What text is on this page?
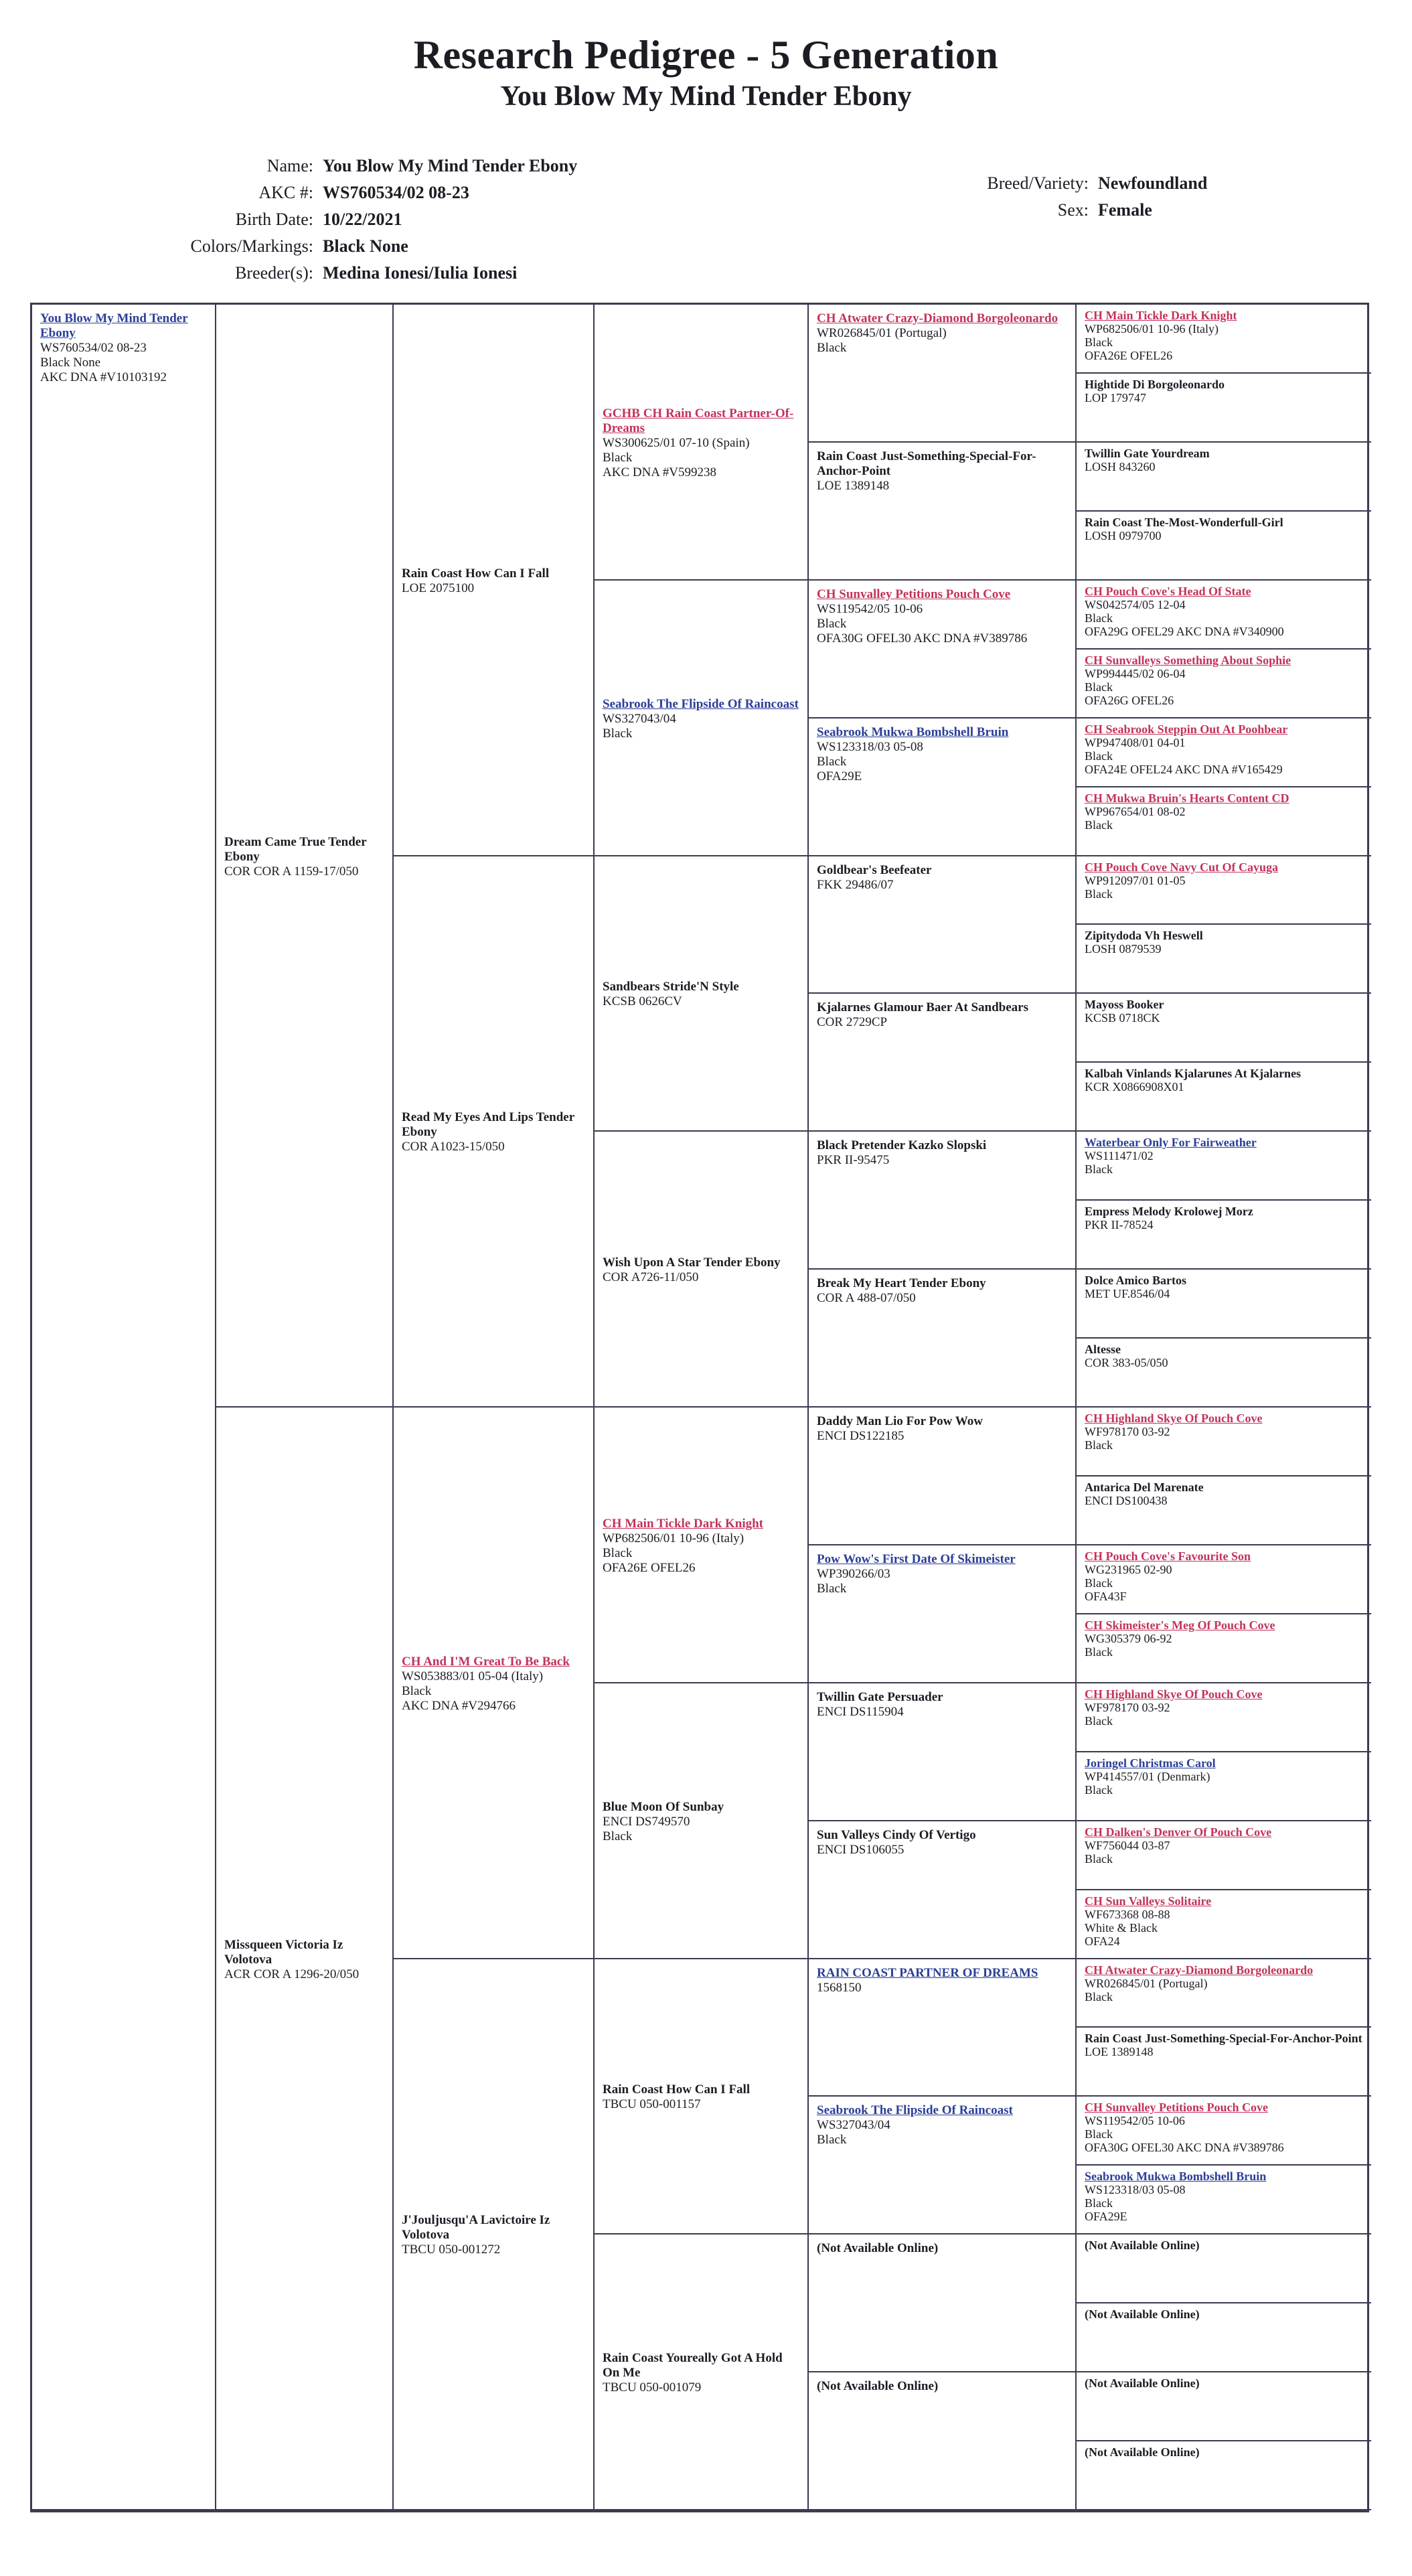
Research Pedigree - 5 Generation
You Blow My Mind Tender Ebony
Name: You Blow My Mind Tender Ebony
AKC #: WS760534/02 08-23
Birth Date: 10/22/2021
Colors/Markings: Black None
Breeder(s): Medina Ionesi/Iulia Ionesi
Breed/Variety: Newfoundland
Sex: Female
You Blow My Mind Tender Ebony
WS760534/02 08-23
Black None
AKC DNA #V10103192
Dream Came True Tender Ebony
COR COR A 1159-17/050
Missqueen Victoria Iz Volotova
ACR COR A 1296-20/050
Rain Coast How Can I Fall
LOE 2075100
Read My Eyes And Lips Tender Ebony
COR A1023-15/050
CH And I'M Great To Be Back
WS053883/01 05-04 (Italy)
Black
AKC DNA #V294766
J'Jouljusqu'A Lavictoire Iz Volotova
TBCU 050-001272
GCHB CH Rain Coast Partner-Of-Dreams
WS300625/01 07-10 (Spain)
Black
AKC DNA #V599238
Seabrook The Flipside Of Raincoast
WS327043/04
Black
Sandbears Stride'N Style
KCSB 0626CV
Wish Upon A Star Tender Ebony
COR A726-11/050
CH Main Tickle Dark Knight
WP682506/01 10-96 (Italy)
Black
OFA26E OFEL26
Blue Moon Of Sunbay
ENCI DS749570
Black
Rain Coast How Can I Fall
TBCU 050-001157
Rain Coast Youreally Got A Hold On Me
TBCU 050-001079
CH Atwater Crazy-Diamond Borgoleonardo
WR026845/01 (Portugal)
Black
Rain Coast Just-Something-Special-For-Anchor-Point
LOE 1389148
CH Sunvalley Petitions Pouch Cove
WS119542/05 10-06
Black
OFA30G OFEL30 AKC DNA #V389786
Seabrook Mukwa Bombshell Bruin
WS123318/03 05-08
Black
OFA29E
Goldbear's Beefeater
FKK 29486/07
Kjalarnes Glamour Baer At Sandbears
COR 2729CP
Black Pretender Kazko Slopski
PKR II-95475
Break My Heart Tender Ebony
COR A 488-07/050
Daddy Man Lio For Pow Wow
ENCI DS122185
Pow Wow's First Date Of Skimeister
WP390266/03
Black
Twillin Gate Persuader
ENCI DS115904
Sun Valleys Cindy Of Vertigo
ENCI DS106055
RAIN COAST PARTNER OF DREAMS
1568150
Seabrook The Flipside Of Raincoast
WS327043/04
Black
(Not Available Online)
(Not Available Online)
CH Main Tickle Dark Knight
WP682506/01 10-96 (Italy)
Black
OFA26E OFEL26
Hightide Di Borgoleonardo
LOP 179747
Twillin Gate Yourdream
LOSH 843260
Rain Coast The-Most-Wonderfull-Girl
LOSH 0979700
CH Pouch Cove's Head Of State
WS042574/05 12-04
Black
OFA29G OFEL29 AKC DNA #V340900
CH Sunvalleys Something About Sophie
WP994445/02 06-04
Black
OFA26G OFEL26
CH Seabrook Steppin Out At Poohbear
WP947408/01 04-01
Black
OFA24E OFEL24 AKC DNA #V165429
CH Mukwa Bruin's Hearts Content CD
WP967654/01 08-02
Black
CH Pouch Cove Navy Cut Of Cayuga
WP912097/01 01-05
Black
Zipitydoda Vh Heswell
LOSH 0879539
Mayoss Booker
KCSB 0718CK
Kalbah Vinlands Kjalarunes At Kjalarnes
KCR X0866908X01
Waterbear Only For Fairweather
WS111471/02
Black
Empress Melody Krolowej Morz
PKR II-78524
Dolce Amico Bartos
MET UF.8546/04
Altesse
COR 383-05/050
CH Highland Skye Of Pouch Cove
WF978170 03-92
Black
Antarica Del Marenate
ENCI DS100438
CH Pouch Cove's Favourite Son
WG231965 02-90
Black
OFA43F
CH Skimeister's Meg Of Pouch Cove
WG305379 06-92
Black
CH Highland Skye Of Pouch Cove
WF978170 03-92
Black
Joringel Christmas Carol
WP414557/01 (Denmark)
Black
CH Dalken's Denver Of Pouch Cove
WF756044 03-87
Black
CH Sun Valleys Solitaire
WF673368 08-88
White & Black
OFA24
CH Atwater Crazy-Diamond Borgoleonardo
WR026845/01 (Portugal)
Black
Rain Coast Just-Something-Special-For-Anchor-Point
LOE 1389148
CH Sunvalley Petitions Pouch Cove
WS119542/05 10-06
Black
OFA30G OFEL30 AKC DNA #V389786
Seabrook Mukwa Bombshell Bruin
WS123318/03 05-08
Black
OFA29E
(Not Available Online)
(Not Available Online)
(Not Available Online)
(Not Available Online)
